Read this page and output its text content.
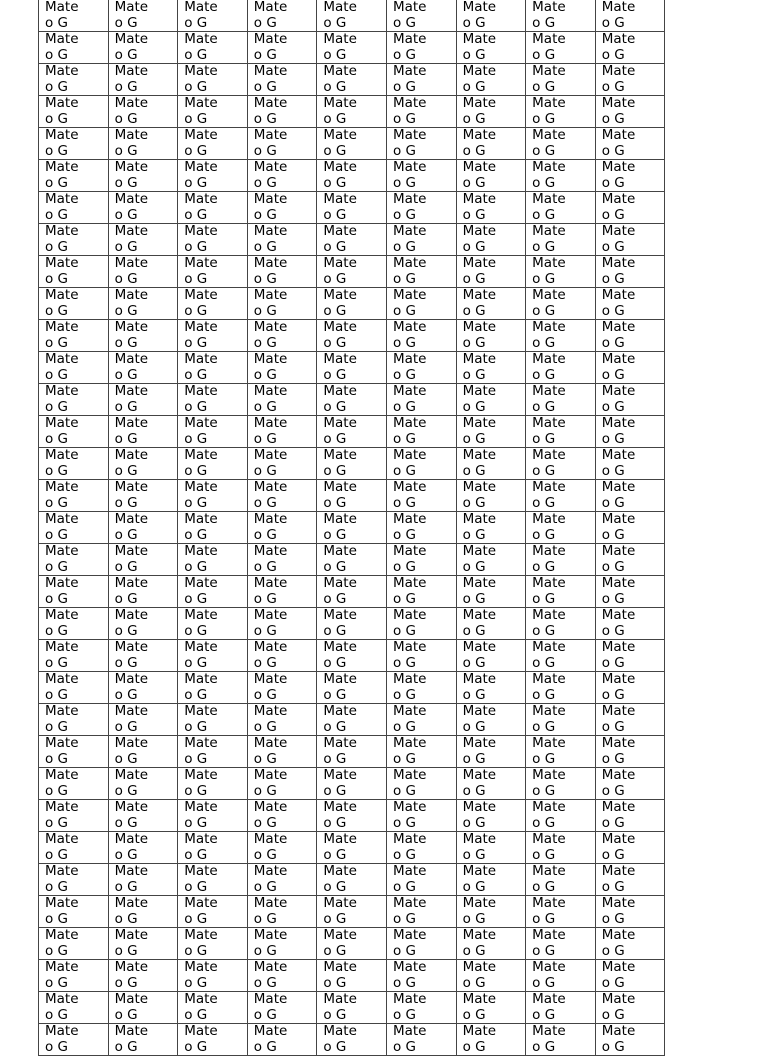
Mateo G	Mateo G	Mateo G	Mateo G	Mateo G	Mateo G	Mateo G	Mateo G	Mateo G

Mateo G	Mateo G	Mateo G	Mateo G	Mateo G	Mateo G	Mateo G	Mateo G	Mateo G

Mateo G	Mateo G	Mateo G	Mateo G	Mateo G	Mateo G	Mateo G	Mateo G	Mateo G

Mateo G	Mateo G	Mateo G	Mateo G	Mateo G	Mateo G	Mateo G	Mateo G	Mateo G

Mateo G	Mateo G	Mateo G	Mateo G	Mateo G	Mateo G	Mateo G	Mateo G	Mateo G

Mateo G	Mateo G	Mateo G	Mateo G	Mateo G	Mateo G	Mateo G	Mateo G	Mateo G

Mateo G	Mateo G	Mateo G	Mateo G	Mateo G	Mateo G	Mateo G	Mateo G	Mateo G

Mateo G	Mateo G	Mateo G	Mateo G	Mateo G	Mateo G	Mateo G	Mateo G	Mateo G

Mateo G	Mateo G	Mateo G	Mateo G	Mateo G	Mateo G	Mateo G	Mateo G	Mateo G

Mateo G	Mateo G	Mateo G	Mateo G	Mateo G	Mateo G	Mateo G	Mateo G	Mateo G

Mateo G	Mateo G	Mateo G	Mateo G	Mateo G	Mateo G	Mateo G	Mateo G	Mateo G

Mateo G	Mateo G	Mateo G	Mateo G	Mateo G	Mateo G	Mateo G	Mateo G	Mateo G

Mateo G	Mateo G	Mateo G	Mateo G	Mateo G	Mateo G	Mateo G	Mateo G	Mateo G

Mateo G	Mateo G	Mateo G	Mateo G	Mateo G	Mateo G	Mateo G	Mateo G	Mateo G

Mateo G	Mateo G	Mateo G	Mateo G	Mateo G	Mateo G	Mateo G	Mateo G	Mateo G

Mateo G	Mateo G	Mateo G	Mateo G	Mateo G	Mateo G	Mateo G	Mateo G	Mateo G

Mateo G	Mateo G	Mateo G	Mateo G	Mateo G	Mateo G	Mateo G	Mateo G	Mateo G

Mateo G	Mateo G	Mateo G	Mateo G	Mateo G	Mateo G	Mateo G	Mateo G	Mateo G

Mateo G	Mateo G	Mateo G	Mateo G	Mateo G	Mateo G	Mateo G	Mateo G	Mateo G

Mateo G	Mateo G	Mateo G	Mateo G	Mateo G	Mateo G	Mateo G	Mateo G	Mateo G

Mateo G	Mateo G	Mateo G	Mateo G	Mateo G	Mateo G	Mateo G	Mateo G	Mateo G

Mateo G	Mateo G	Mateo G	Mateo G	Mateo G	Mateo G	Mateo G	Mateo G	Mateo G

Mateo G	Mateo G	Mateo G	Mateo G	Mateo G	Mateo G	Mateo G	Mateo G	Mateo G

Mateo G	Mateo G	Mateo G	Mateo G	Mateo G	Mateo G	Mateo G	Mateo G	Mateo G

Mateo G	Mateo G	Mateo G	Mateo G	Mateo G	Mateo G	Mateo G	Mateo G	Mateo G

Mateo G	Mateo G	Mateo G	Mateo G	Mateo G	Mateo G	Mateo G	Mateo G	Mateo G

Mateo G	Mateo G	Mateo G	Mateo G	Mateo G	Mateo G	Mateo G	Mateo G	Mateo G

Mateo G	Mateo G	Mateo G	Mateo G	Mateo G	Mateo G	Mateo G	Mateo G	Mateo G

Mateo G	Mateo G	Mateo G	Mateo G	Mateo G	Mateo G	Mateo G	Mateo G	Mateo G

Mateo G	Mateo G	Mateo G	Mateo G	Mateo G	Mateo G	Mateo G	Mateo G	Mateo G

Mateo G	Mateo G	Mateo G	Mateo G	Mateo G	Mateo G	Mateo G	Mateo G	Mateo G

Mateo G	Mateo G	Mateo G	Mateo G	Mateo G	Mateo G	Mateo G	Mateo G	Mateo G

Mateo G	Mateo G	Mateo G	Mateo G	Mateo G	Mateo G	Mateo G	Mateo G	Mateo G
